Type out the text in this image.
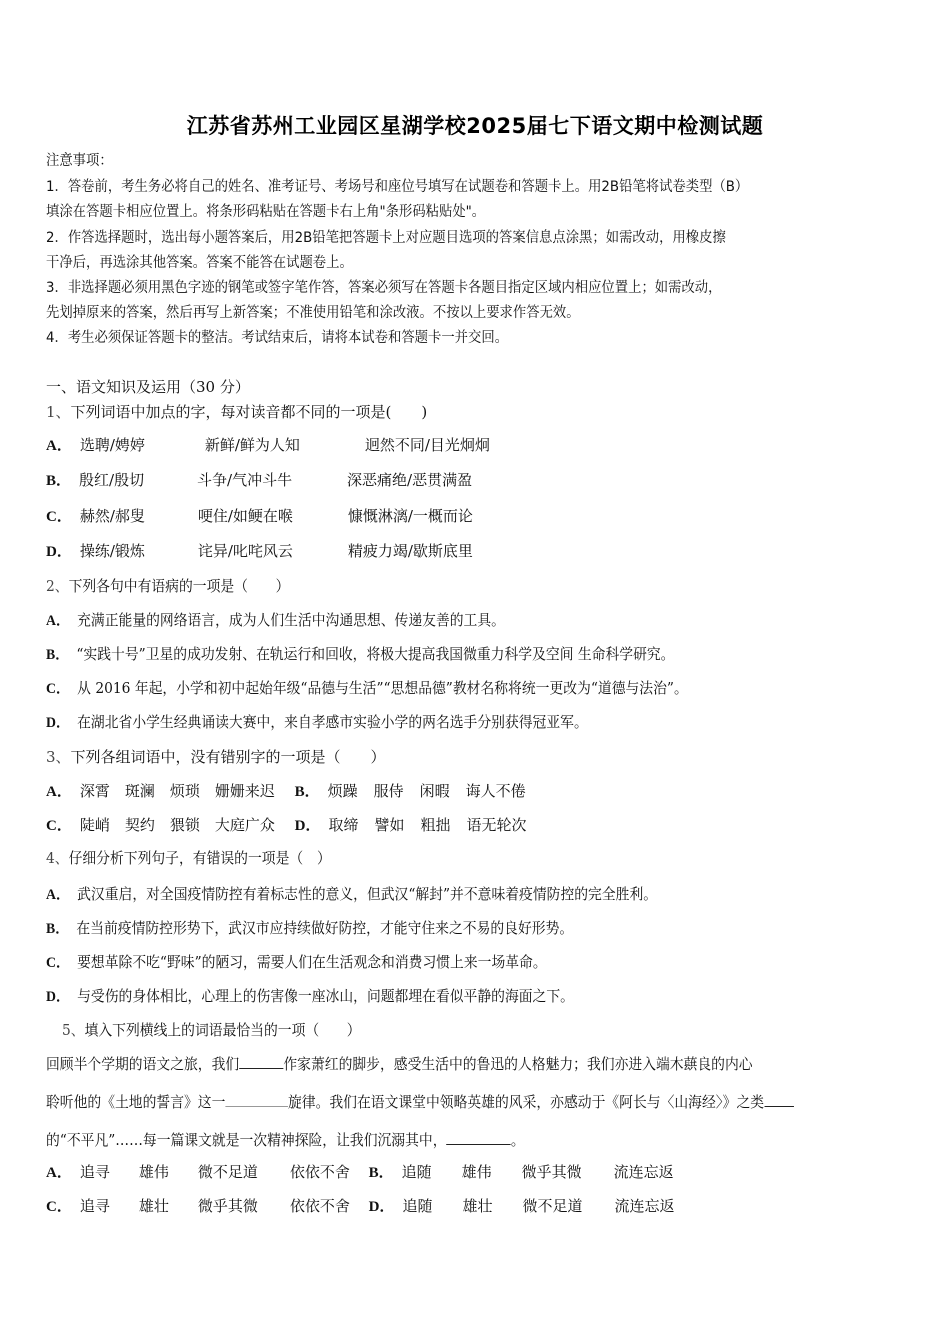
江苏省苏州工业园区星湖学校2025届七下语文期中检测试题
注意事项：
1．答卷前，考生务必将自己的姓名、准考证号、考场号和座位号填写在试题卷和答题卡上。用2B铅笔将试卷类型（B）
填涂在答题卡相应位置上。将条形码粘贴在答题卡右上角"条形码粘贴处"。
2．作答选择题时，选出每小题答案后，用2B铅笔把答题卡上对应题目选项的答案信息点涂黑；如需改动，用橡皮擦
干净后，再选涂其他答案。答案不能答在试题卷上。
3．非选择题必须用黑色字迹的钢笔或签字笔作答，答案必须写在答题卡各题目指定区域内相应位置上；如需改动，
先划掉原来的答案，然后再写上新答案；不准使用铅笔和涂改液。不按以上要求作答无效。
4．考生必须保证答题卡的整洁。考试结束后，请将本试卷和答题卡一并交回。
一、语文知识及运用（30 分）
1、下列词语中加点的字，每对读音都不同的一项是(　　)
A． 选聘/娉婷	新鲜/鲜为人知	迥然不同/目光炯炯
B． 殷红/殷切	斗争/气冲斗牛	深恶痛绝/恶贯满盈
C． 赫然/郝叟	哽住/如鲠在喉	慷慨淋漓/一概而论
D． 操练/锻炼	诧异/叱咤风云	精疲力竭/歇斯底里
2、下列各句中有语病的一项是（　　）
A． 充满正能量的网络语言，成为人们生活中沟通思想、传递友善的工具。
B． “实践十号”卫星的成功发射、在轨运行和回收，将极大提高我国微重力科学及空间 生命科学研究。
C． 从 2016 年起，小学和初中起始年级“品德与生活”“思想品德”教材名称将统一更改为“道德与法治”。
D． 在湖北省小学生经典诵读大赛中，来自孝感市实验小学的两名选手分别获得冠亚军。
3、下列各组词语中，没有错别字的一项是（　　）
A． 深霄 斑澜 烦琐 姗姗来迟 B． 烦躁 服侍 闲暇 诲人不倦
C． 陡峭 契约 猥锁 大庭广众 D． 取缔 譬如 粗拙 语无轮次
4、仔细分析下列句子，有错误的一项是（　）
A． 武汉重启，对全国疫情防控有着标志性的意义，但武汉“解封”并不意味着疫情防控的完全胜利。
B． 在当前疫情防控形势下，武汉市应持续做好防控，才能守住来之不易的良好形势。
C． 要想革除不吃“野味”的陋习，需要人们在生活观念和消费习惯上来一场革命。
D． 与受伤的身体相比，心理上的伤害像一座冰山，问题都埋在看似平静的海面之下。
5、填入下列横线上的词语最恰当的一项（　　）
回顾半个学期的语文之旅，我们	作家萧红的脚步，感受生活中的鲁迅的人格魅力；我们亦进入端木蕻良的内心
聆听他的《土地的誓言》这一	旋律。我们在语文课堂中领略英雄的风采，亦感动于《阿长与〈山海经〉》之类
的“不平凡”……每一篇课文就是一次精神探险，让我们沉溺其中，	。
A． 追寻 雄伟 微不足道 依依不舍 B． 追随 雄伟 微乎其微 流连忘返
C． 追寻 雄壮 微乎其微 依依不舍 D． 追随 雄壮 微不足道 流连忘返
